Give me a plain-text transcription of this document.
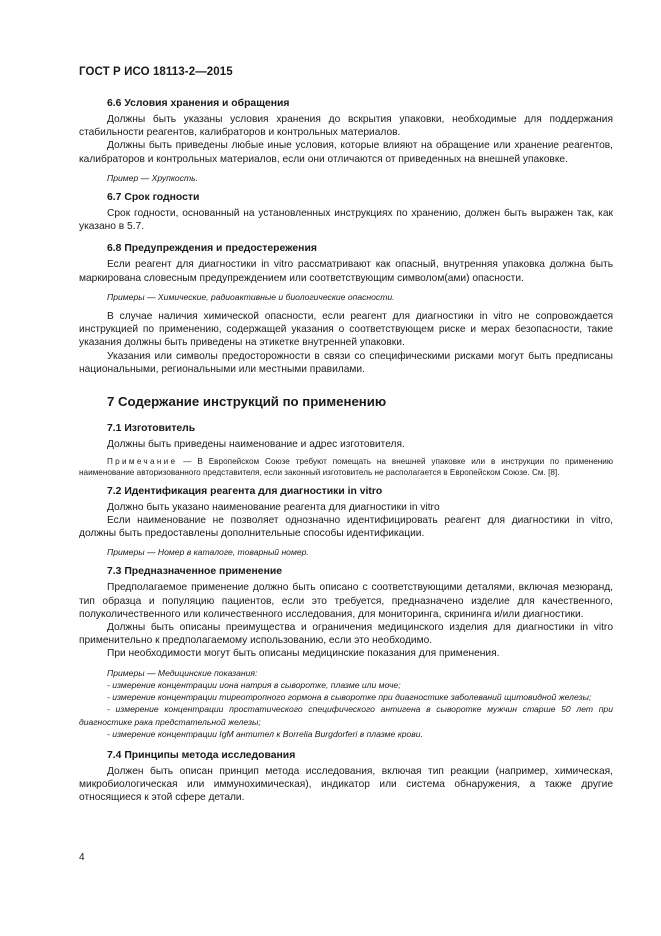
ГОСТ Р ИСО 18113-2—2015
6.6 Условия хранения и обращения

Должны быть указаны условия хранения до вскрытия упаковки, необходимые для поддержания стабильности реагентов, калибраторов и контрольных материалов.

Должны быть приведены любые иные условия, которые влияют на обращение или хранение реагентов, калибраторов и контрольных материалов, если они отличаются от приведенных на внешней упаковке.

Пример — Хрупкость.
6.7 Срок годности

Срок годности, основанный на установленных инструкциях по хранению, должен быть выражен так, как указано в 5.7.

6.8 Предупреждения и предостережения

Если реагент для диагностики in vitro рассматривают как опасный, внутренняя упаковка должна быть маркирована словесным предупреждением или соответствующим символом(ами) опасности.

Примеры — Химические, радиоактивные и биологические опасности.

В случае наличия химической опасности, если реагент для диагностики in vitro не сопровождается инструкцией по применению, содержащей указания о соответствующем риске и мерах безопасности, такие указания должны быть приведены на этикетке внутренней упаковки.

Указания или символы предосторожности в связи со специфическими рисками могут быть предписаны национальными, региональными или местными правилами.

7 Содержание инструкций по применению
7.1 Изготовитель

Должны быть приведены наименование и адрес изготовителя.

Примечание — В Европейском Союзе требуют помещать на внешней упаковке или в инструкции по применению наименование авторизованного представителя, если законный изготовитель не располагается в Европейском Союзе. См. [8].
7.2 Идентификация реагента для диагностики in vitro

Должно быть указано наименование реагента для диагностики in vitro

Если наименование не позволяет однозначно идентифицировать реагент для диагностики in vitro, должны быть предоставлены дополнительные способы идентификации.

Примеры — Номер в каталоге, товарный номер.
7.3 Предназначенное применение

Предполагаемое применение должно быть описано с соответствующими деталями, включая мезюранд, тип образца и популяцию пациентов, если это требуется, предназначено изделие для качественного, полуколичественного или количественного исследования, для мониторинга, скрининга и/или диагностики.

Должны быть описаны преимущества и ограничения медицинского изделия для диагностики in vitro применительно к предполагаемому использованию, если это необходимо.

При необходимости могут быть описаны медицинские показания для применения.

Примеры — Медицинские показания:
- измерение концентрации иона натрия в сыворотке, плазме или моче;
- измерение концентрации тиреотропного гормона в сыворотке при диагностике заболеваний щитовидной железы;
- измерение концентрации простатического специфического антигена в сыворотке мужчин старше 50 лет при диагностике рака предстательной железы;
- измерение концентрации IgM антител к Borrelia Burgdorferi в плазме крови.
7.4 Принципы метода исследования

Должен быть описан принцип метода исследования, включая тип реакции (например, химическая, микробиологическая или иммунохимическая), индикатор или система обнаружения, а также другие относящиеся к этой сфере детали.

4
